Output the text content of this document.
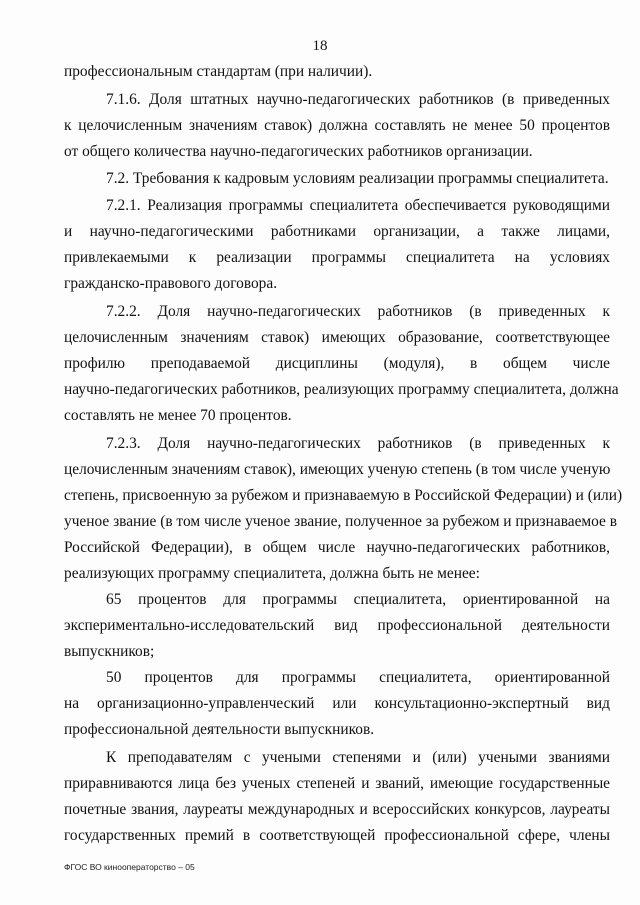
18
профессиональным стандартам (при наличии).
7.1.6. Доля штатных научно-педагогических работников (в приведенных
к целочисленным значениям ставок) должна составлять не менее 50 процентов
от общего количества научно-педагогических работников организации.
7.2. Требования к кадровым условиям реализации программы специалитета.
7.2.1. Реализация программы специалитета обеспечивается руководящими
и научно-педагогическими работниками организации, а также лицами,
привлекаемыми к реализации программы специалитета на условиях
гражданско-правового договора.
7.2.2. Доля научно-педагогических работников (в приведенных к
целочисленным значениям ставок) имеющих образование, соответствующее
профилю преподаваемой дисциплины (модуля), в общем числе
научно-педагогических работников, реализующих программу специалитета, должна
составлять не менее 70 процентов.
7.2.3. Доля научно-педагогических работников (в приведенных к
целочисленным значениям ставок), имеющих ученую степень (в том числе ученую
степень, присвоенную за рубежом и признаваемую в Российской Федерации) и (или)
ученое звание (в том числе ученое звание, полученное за рубежом и признаваемое в
Российской Федерации), в общем числе научно-педагогических работников,
реализующих программу специалитета, должна быть не менее:
65 процентов для программы специалитета, ориентированной на
экспериментально-исследовательский вид профессиональной деятельности
выпускников;
50 процентов для программы специалитета, ориентированной
на организационно-управленческий или консультационно-экспертный вид
профессиональной деятельности выпускников.
К преподавателям с учеными степенями и (или) учеными званиями
приравниваются лица без ученых степеней и званий, имеющие государственные
почетные звания, лауреаты международных и всероссийских конкурсов, лауреаты
государственных премий в соответствующей профессиональной сфере, члены
ФГОС ВО кинооператорство – 05
